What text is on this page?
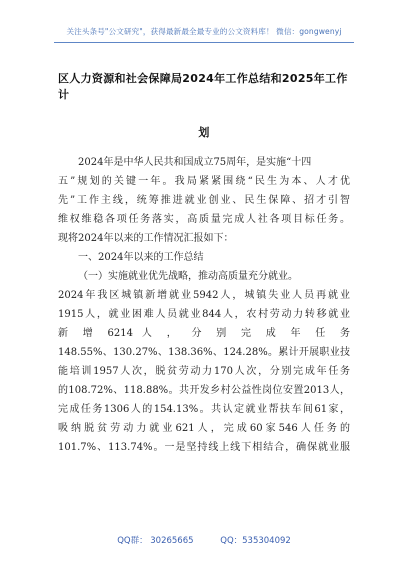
关注头条号"公文研究"，获得最新最全最专业的公文资料库！ 微信：gongwenyj
区人力资源和社会保障局2024年工作总结和2025年工作计
划
2024年是中华人民共和国成立75周年，是实施“十四
五”规划的关键一年。我局紧紧围绕“民生为本、人才优
先”工作主线，统筹推进就业创业、民生保障、招才引智
维权维稳各项任务落实，高质量完成人社各项目标任务。
现将2024年以来的工作情况汇报如下：
一、2024年以来的工作总结
（一）实施就业优先战略，推动高质量充分就业。
2024年我区城镇新增就业5942人，城镇失业人员再就业
1915人，就业困难人员就业844人，农村劳动力转移就业
新 增 6214 人 ， 分 别 完 成 年 任 务
148.55%、130.27%、138.36%、124.28%。累计开展职业技
能培训1957人次，脱贫劳动力170人次，分别完成年任务
的108.72%、118.88%。共开发乡村公益性岗位安置2013人，
完成任务1306人的154.13%。共认定就业帮扶车间61家，
吸纳脱贫劳动力就业621人，完成60家546人任务的
101.7%、113.74%。一是坚持线上线下相结合，确保就业服
QQ群： 30265665	QQ：535304092
